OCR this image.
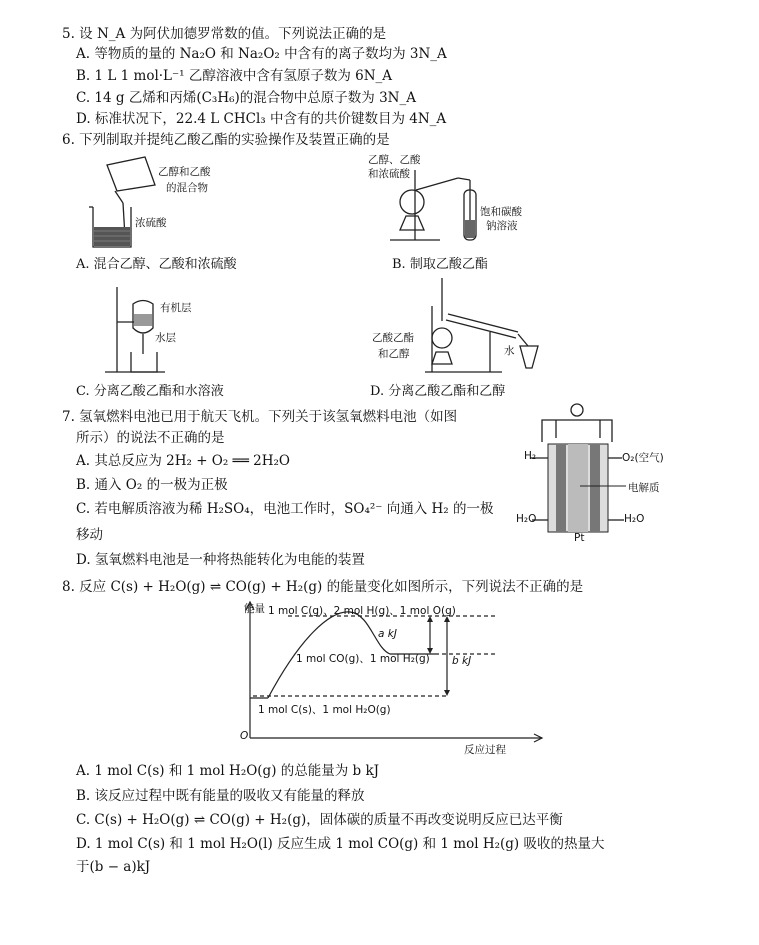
5. 设 N_A 为阿伏加德罗常数的值。下列说法正确的是
A. 等物质的量的 Na₂O 和 Na₂O₂ 中含有的离子数均为 3N_A
B. 1 L 1 mol·L⁻¹ 乙醇溶液中含有氢原子数为 6N_A
C. 14 g 乙烯和丙烯(C₃H₆)的混合物中总原子数为 3N_A
D. 标准状况下，22.4 L CHCl₃ 中含有的共价键数目为 4N_A
6. 下列制取并提纯乙酸乙酯的实验操作及装置正确的是
乙醇和乙酸
的混合物
浓硫酸
A. 混合乙醇、乙酸和浓硫酸
乙醇、乙酸
和浓硫酸
饱和碳酸
钠溶液
B. 制取乙酸乙酯
有机层
水层
C. 分离乙酸乙酯和水溶液
乙酸乙酯
和乙醇	水
D. 分离乙酸乙酯和乙醇
7. 氢氧燃料电池已用于航天飞机。下列关于该氢氧燃料电池（如图
所示）的说法不正确的是
A. 其总反应为 2H₂ + O₂ ══ 2H₂O
B. 通入 O₂ 的一极为正极
C. 若电解质溶液为稀 H₂SO₄，电池工作时，SO₄²⁻ 向通入 H₂ 的一极
移动
D. 氢氧燃料电池是一种将热能转化为电能的装置
H₂	O₂(空气)
电解质
H₂O	H₂O
Pt
8. 反应 C(s) + H₂O(g) ⇌ CO(g) + H₂(g) 的能量变化如图所示，下列说法不正确的是
能量
反应过程
O
1 mol C(g)、2 mol H(g)、1 mol O(g)
1 mol CO(g)、1 mol H₂(g)
1 mol C(s)、1 mol H₂O(g)
a kJ
b kJ
A. 1 mol C(s) 和 1 mol H₂O(g) 的总能量为 b kJ
B. 该反应过程中既有能量的吸收又有能量的释放
C. C(s) + H₂O(g) ⇌ CO(g) + H₂(g)，固体碳的质量不再改变说明反应已达平衡
D. 1 mol C(s) 和 1 mol H₂O(l) 反应生成 1 mol CO(g) 和 1 mol H₂(g) 吸收的热量大
于(b − a)kJ
